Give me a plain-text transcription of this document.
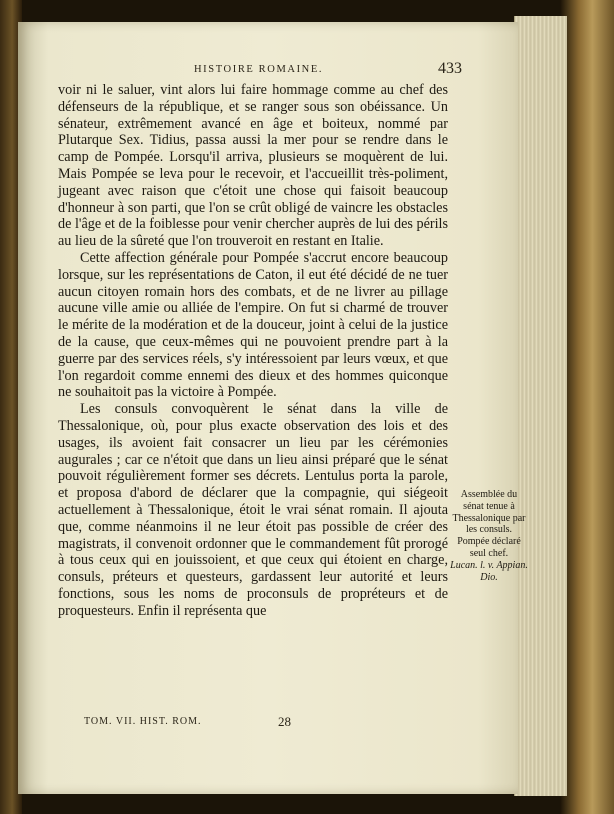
HISTOIRE ROMAINE.	433

voir ni le saluer, vint alors lui faire hommage comme au chef des défenseurs de la république, et se ranger sous son obéissance. Un sénateur, extrêmement avancé en âge et boiteux, nommé par Plutarque Sex. Tidius, passa aussi la mer pour se rendre dans le camp de Pompée. Lorsqu'il arriva, plusieurs se moquèrent de lui. Mais Pompée se leva pour le recevoir, et l'accueillit très-poliment, jugeant avec raison que c'étoit une chose qui faisoit beaucoup d'honneur à son parti, que l'on se crût obligé de vaincre les obstacles de l'âge et de la foiblesse pour venir chercher auprès de lui des périls au lieu de la sûreté que l'on trouveroit en restant en Italie.

Cette affection générale pour Pompée s'accrut encore beaucoup lorsque, sur les représentations de Caton, il eut été décidé de ne tuer aucun citoyen romain hors des combats, et de ne livrer au pillage aucune ville amie ou alliée de l'empire. On fut si charmé de trouver le mérite de la modération et de la douceur, joint à celui de la justice de la cause, que ceux-mêmes qui ne pouvoient prendre part à la guerre par des services réels, s'y intéressoient par leurs vœux, et que l'on regardoit comme ennemi des dieux et des hommes quiconque ne souhaitoit pas la victoire à Pompée.

Les consuls convoquèrent le sénat dans la ville de Thessalonique, où, pour plus exacte observation des lois et des usages, ils avoient fait consacrer un lieu par les cérémonies augurales ; car ce n'étoit que dans un lieu ainsi préparé que le sénat pouvoit régulièrement former ses décrets. Lentulus porta la parole, et proposa d'abord de déclarer que la compagnie, qui siégeoit actuellement à Thessalonique, étoit le vrai sénat romain. Il ajouta que, comme néanmoins il ne leur étoit pas possible de créer des magistrats, il convenoit ordonner que le commandement fût prorogé à tous ceux qui en jouissoient, et que ceux qui étoient en charge, consuls, préteurs et questeurs, gardassent leur autorité et leurs fonctions, sous les noms de proconsuls de propréteurs et de proquesteurs. Enfin il représenta que

Assemblée du sénat tenue à Thessalonique par les consuls. Pompée déclaré seul chef.
Lucan. l. v. Appian. Dio.
TOM. VII. HIST. ROM.	28
